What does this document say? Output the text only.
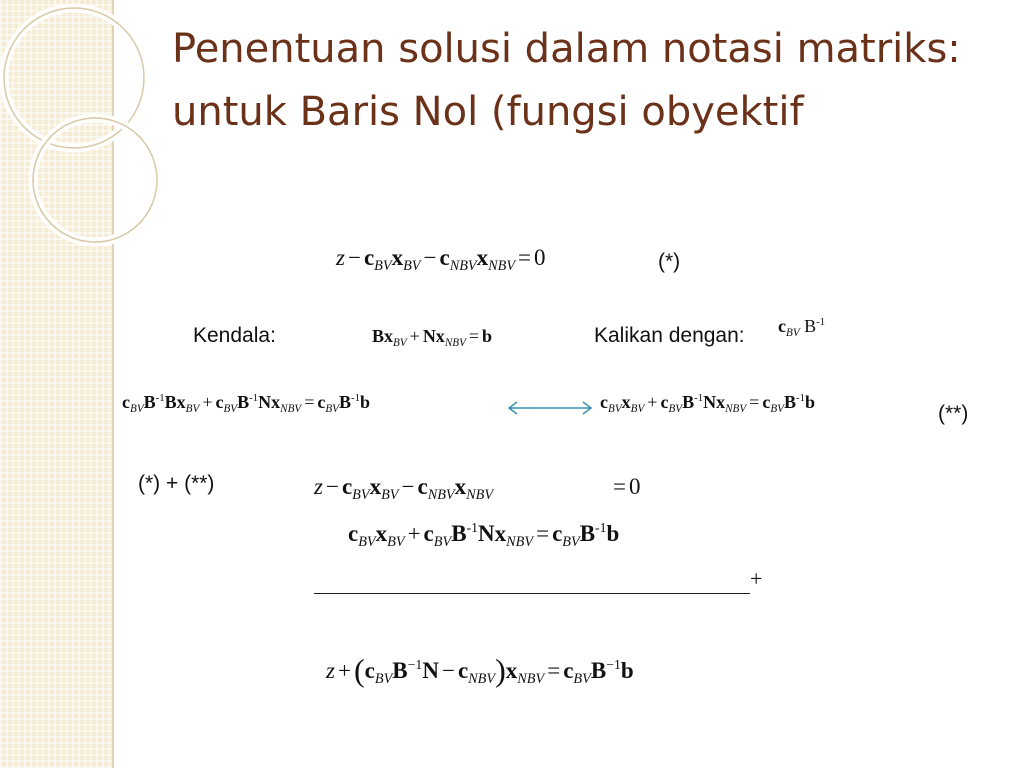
Penentuan solusi dalam notasi matriks: untuk Baris Nol (fungsi obyektif
$z - c_{BV}x_{BV} - c_{NBV}x_{NBV} = 0$	(*)
Kendala:	$Bx_{BV} + Nx_{NBV} = b$	Kalikan dengan: $c_{BV}$ $B^{-1}$
$c_{BV}B^{-1}Bx_{BV} + c_{BV}B^{-1}Nx_{NBV} = c_{BV}B^{-1}b$	$c_{BV}x_{BV} + c_{BV}B^{-1}Nx_{NBV} = c_{BV}B^{-1}b$	(**)
(*) + (**)	$z - c_{BV}x_{BV} - c_{NBV}x_{NBV}$	= 0
$c_{BV}x_{BV} + c_{BV}B^{-1}Nx_{NBV} = c_{BV}B^{-1}b$
+
$z +(c_{BV}B^{-1}N - c_{NBV})x_{NBV} = c_{BV}B^{-1}b$
